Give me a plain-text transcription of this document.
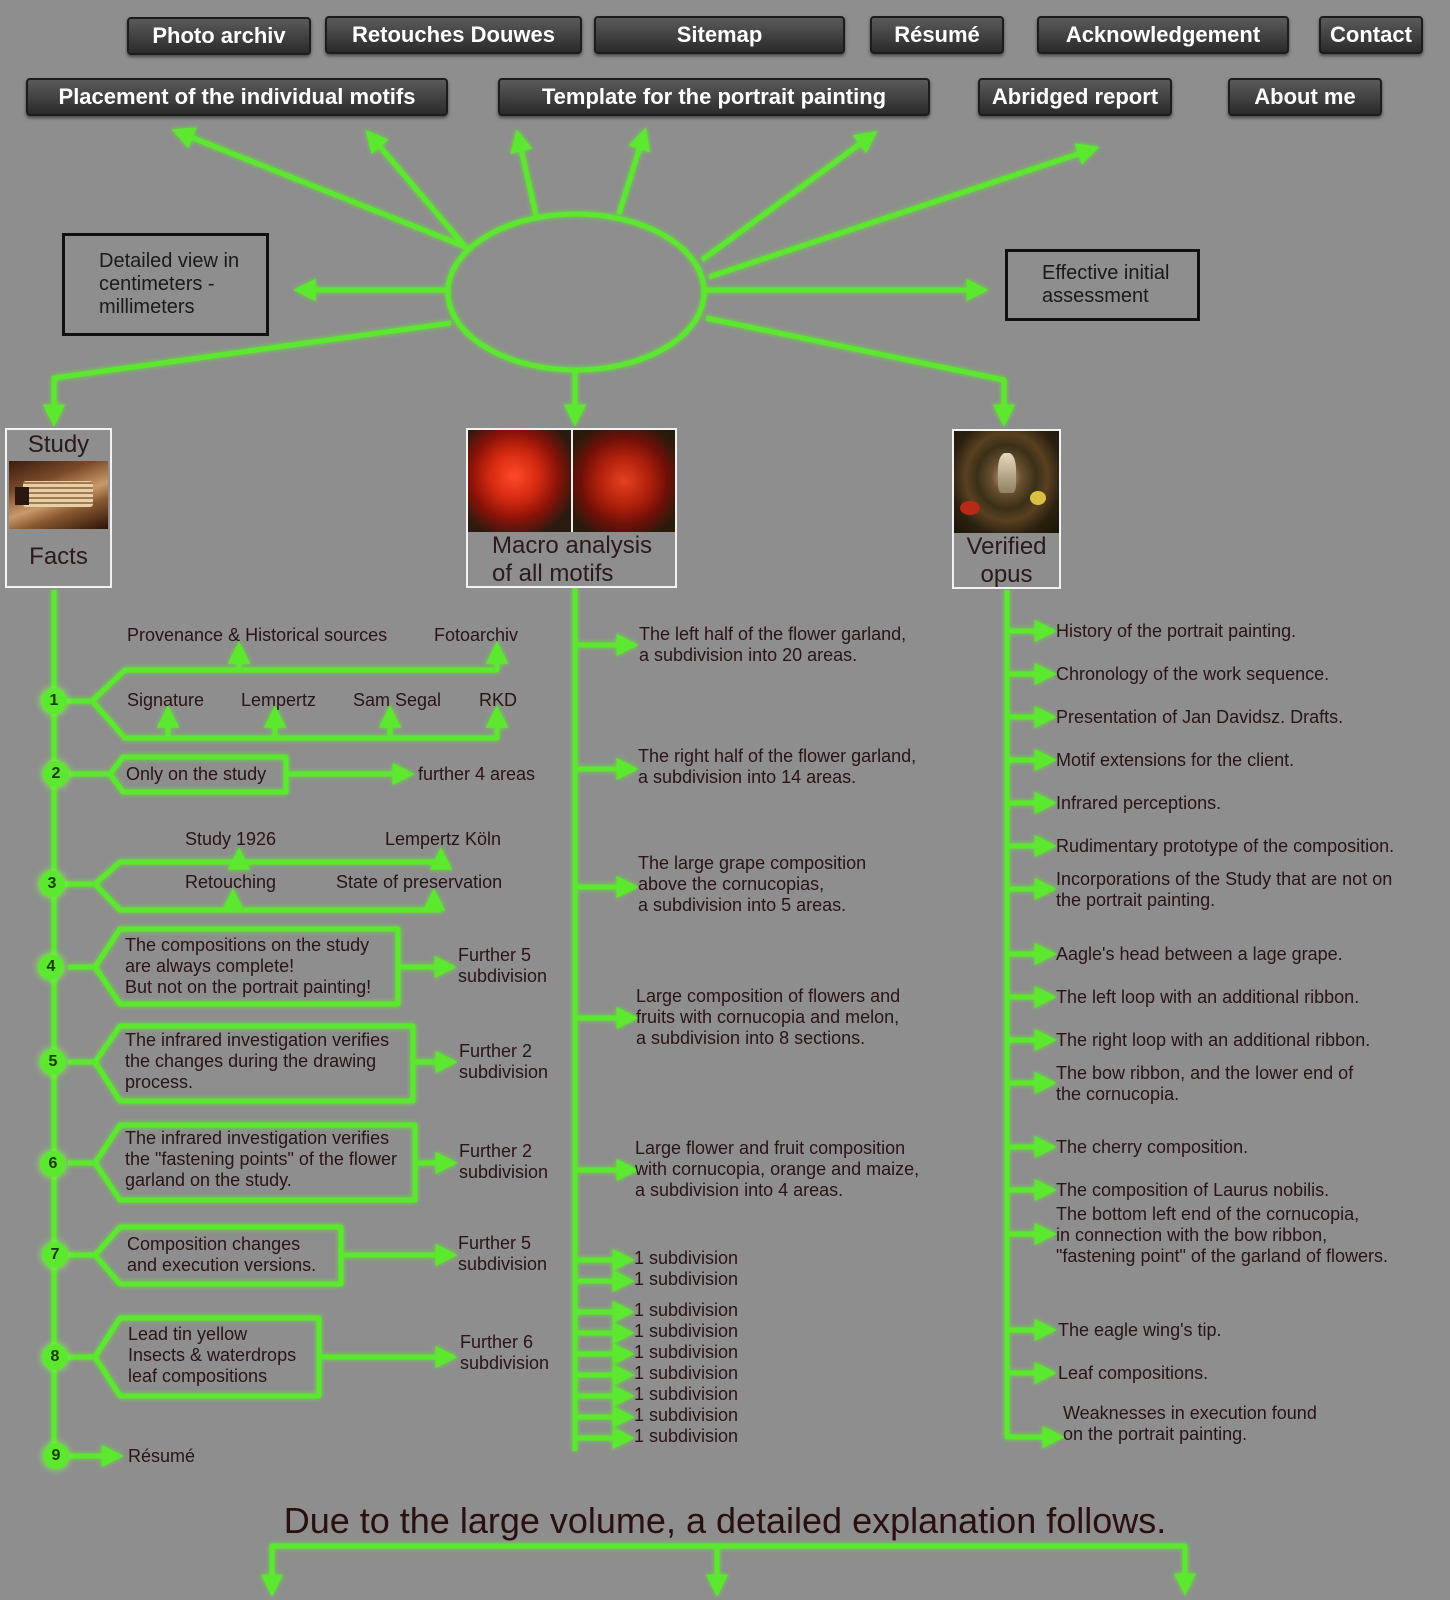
Photo archiv	Retouches Douwes	Sitemap	Résumé	Acknowledgement	Contact
Placement of the individual motifs	Template for the portrait painting	Abridged report	About me
Detailed view in
centimeters -
millimeters
Effective initial
assessment
Study
Facts	Macro analysis
of all motifs
Verified
opus
1
2
3
4
5
6
7
8
9
Provenance & Historical sources	Fotoarchiv
Signature Lempertz Sam Segal RKD
Only on the study	further 4 areas
Study 1926	Lempertz Köln
Retouching	State of preservation
The compositions on the study
are always complete!
But not on the portrait painting!
Further 5
subdivision
The infrared investigation verifies
the changes during the drawing
process.
Further 2
subdivision
The infrared investigation verifies
the "fastening points" of the flower
garland on the study.
Further 2
subdivision
Composition changes
and execution versions.
Further 5
subdivision
Lead tin yellow
Insects & waterdrops
leaf compositions
Further 6
subdivision
Résumé
The left half of the flower garland,
a subdivision into 20 areas.
The right half of the flower garland,
a subdivision into 14 areas.
The large grape composition
above the cornucopias,
a subdivision into 5 areas.
Large composition of flowers and
fruits with cornucopia and melon,
a subdivision into 8 sections.
Large flower and fruit composition
with cornucopia, orange and maize,
a subdivision into 4 areas.
1 subdivision
1 subdivision
1 subdivision
1 subdivision
1 subdivision
1 subdivision
1 subdivision
1 subdivision
1 subdivision
History of the portrait painting.
Chronology of the work sequence.
Presentation of Jan Davidsz. Drafts.
Motif extensions for the client.
Infrared perceptions.
Rudimentary prototype of the composition.
Incorporations of the Study that are not on
the portrait painting.
Aagle's head between a lage grape.
The left loop with an additional ribbon.
The right loop with an additional ribbon.
The bow ribbon, and the lower end of
the cornucopia.
The cherry composition.
The composition of Laurus nobilis.
The bottom left end of the cornucopia,
in connection with the bow ribbon,
"fastening point" of the garland of flowers.
The eagle wing's tip.
Leaf compositions.
Weaknesses in execution found
on the portrait painting.
Due to the large volume, a detailed explanation follows.
